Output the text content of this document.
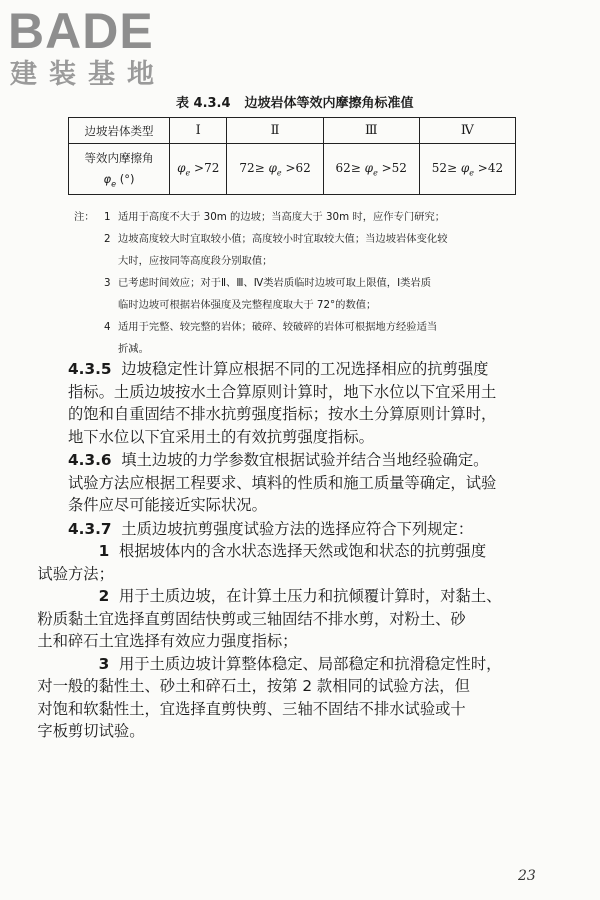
BADE
建装基地
表 4.3.4 边坡岩体等效内摩擦角标准值
边坡岩体类型	Ⅰ	Ⅱ	Ⅲ	Ⅳ

等效内摩擦角
$\varphi_e$ (°)	$\varphi_e >72$	$72\ge \varphi_e >62$	$62\ge \varphi_e >52$	$52\ge \varphi_e >42$
注： 1 适用于高度不大于 30m 的边坡；当高度大于 30m 时，应作专门研究；
2 边坡高度较大时宜取较小值；高度较小时宜取较大值；当边坡岩体变化较
大时，应按同等高度段分别取值；
3 已考虑时间效应；对于Ⅱ、Ⅲ、Ⅳ类岩质临时边坡可取上限值，Ⅰ类岩质
临时边坡可根据岩体强度及完整程度取大于 72°的数值；
4 适用于完整、较完整的岩体；破碎、较破碎的岩体可根据地方经验适当
折减。

4.3.5 边坡稳定性计算应根据不同的工况选择相应的抗剪强度
指标。土质边坡按水土合算原则计算时，地下水位以下宜采用土
的饱和自重固结不排水抗剪强度指标；按水土分算原则计算时，
地下水位以下宜采用土的有效抗剪强度指标。

4.3.6 填土边坡的力学参数宜根据试验并结合当地经验确定。
试验方法应根据工程要求、填料的性质和施工质量等确定，试验
条件应尽可能接近实际状况。

4.3.7 土质边坡抗剪强度试验方法的选择应符合下列规定：

1 根据坡体内的含水状态选择天然或饱和状态的抗剪强度
试验方法；

2 用于土质边坡，在计算土压力和抗倾覆计算时，对黏土、
粉质黏土宜选择直剪固结快剪或三轴固结不排水剪，对粉土、砂
土和碎石土宜选择有效应力强度指标；

3 用于土质边坡计算整体稳定、局部稳定和抗滑稳定性时，
对一般的黏性土、砂土和碎石土，按第 2 款相同的试验方法，但
对饱和软黏性土，宜选择直剪快剪、三轴不固结不排水试验或十
字板剪切试验。

23
